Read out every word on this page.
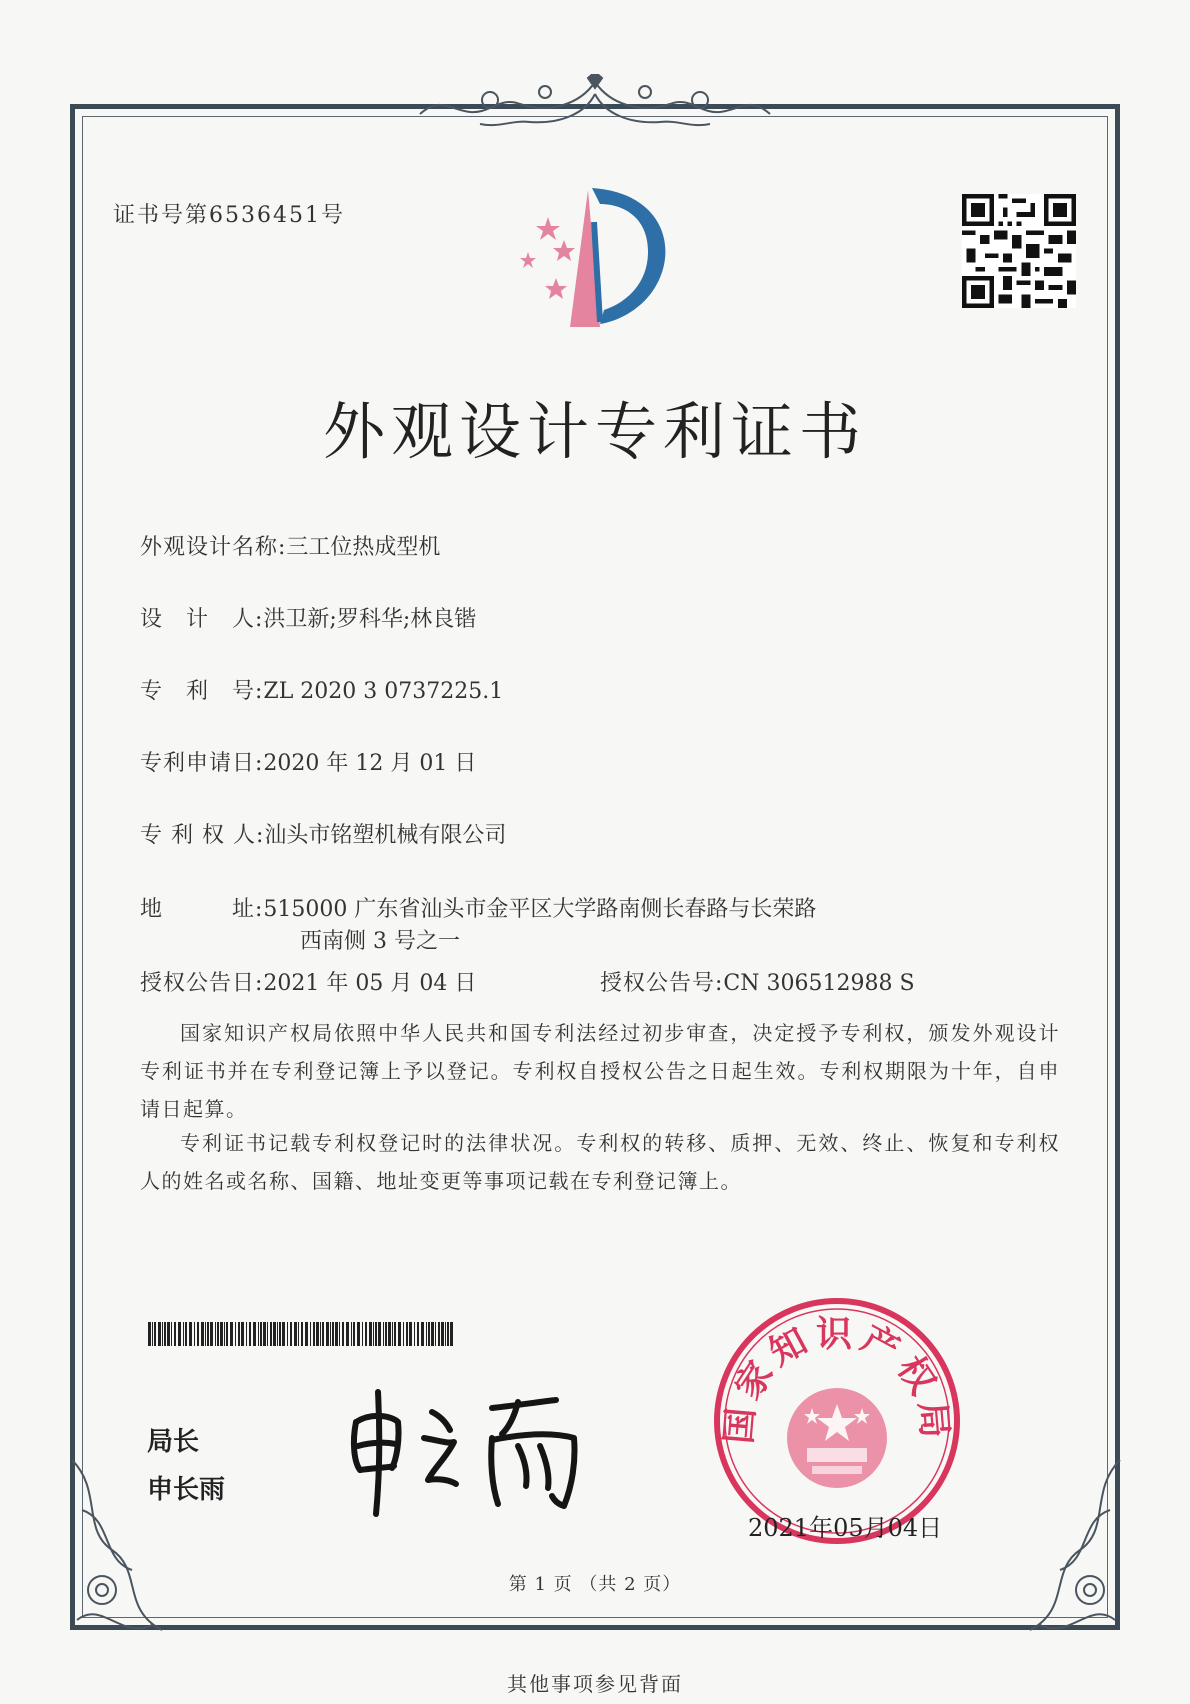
证书号第6536451号
外观设计专利证书
外观设计名称:三工位热成型机
设　计　人:洪卫新;罗科华;林良锴
专　利　号:ZL 2020 3 0737225.1
专利申请日:2020 年 12 月 01 日
专 利 权 人:汕头市铭塑机械有限公司
地　　　址:515000 广东省汕头市金平区大学路南侧长春路与长荣路
西南侧 3 号之一
授权公告日:2021 年 05 月 04 日	授权公告号:CN 306512988 S
国家知识产权局依照中华人民共和国专利法经过初步审查，决定授予专利权，颁发外观设计专利证书并在专利登记簿上予以登记。专利权自授权公告之日起生效。专利权期限为十年，自申请日起算。
专利证书记载专利权登记时的法律状况。专利权的转移、质押、无效、终止、恢复和专利权人的姓名或名称、国籍、地址变更等事项记载在专利登记簿上。
局长
申长雨
国家知识产权局
2021年05月04日
第 1 页 （共 2 页）
其他事项参见背面
